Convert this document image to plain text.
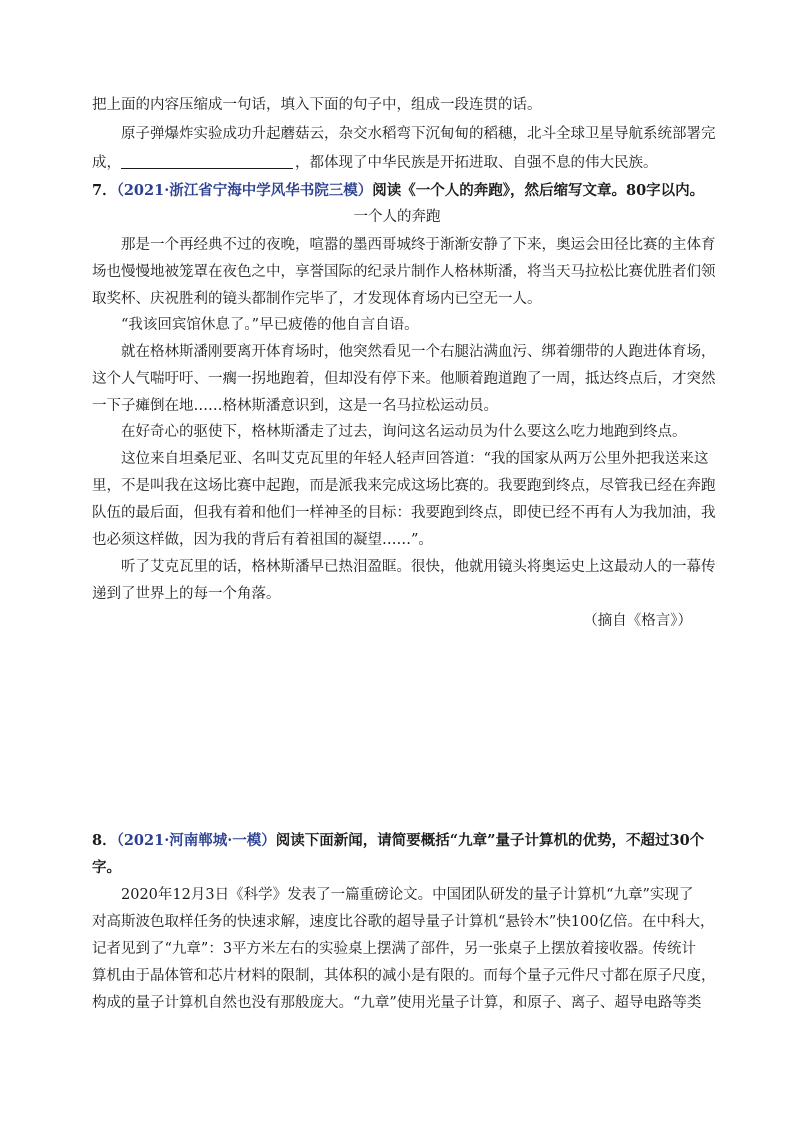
把上面的内容压缩成一句话，填入下面的句子中，组成一段连贯的话。
原子弹爆炸实验成功升起蘑菇云，杂交水稻弯下沉甸甸的稻穗，北斗全球卫星导航系统部署完
成，	，都体现了中华民族是开拓进取、自强不息的伟大民族。
7．（2021·浙江省宁海中学风华书院三模）阅读《一个人的奔跑》，然后缩写文章。80字以内。
一个人的奔跑
那是一个再经典不过的夜晚，喧嚣的墨西哥城终于渐渐安静了下来，奥运会田径比赛的主体育
场也慢慢地被笼罩在夜色之中，享誉国际的纪录片制作人格林斯潘，将当天马拉松比赛优胜者们领
取奖杯、庆祝胜利的镜头都制作完毕了，才发现体育场内已空无一人。
“我该回宾馆休息了。”早已疲倦的他自言自语。
就在格林斯潘刚要离开体育场时，他突然看见一个右腿沾满血污、绑着绷带的人跑进体育场，
这个人气喘吁吁、一瘸一拐地跑着，但却没有停下来。他顺着跑道跑了一周，抵达终点后，才突然
一下子瘫倒在地……格林斯潘意识到，这是一名马拉松运动员。
在好奇心的驱使下，格林斯潘走了过去，询问这名运动员为什么要这么吃力地跑到终点。
这位来自坦桑尼亚、名叫艾克瓦里的年轻人轻声回答道：“我的国家从两万公里外把我送来这
里，不是叫我在这场比赛中起跑，而是派我来完成这场比赛的。我要跑到终点，尽管我已经在奔跑
队伍的最后面，但我有着和他们一样神圣的目标：我要跑到终点，即使已经不再有人为我加油，我
也必须这样做，因为我的背后有着祖国的凝望……”。
听了艾克瓦里的话，格林斯潘早已热泪盈眶。很快，他就用镜头将奥运史上这最动人的一幕传
递到了世界上的每一个角落。
（摘自《格言》）
8．（2021·河南郸城·一模）阅读下面新闻，请简要概括“九章”量子计算机的优势，不超过30个
字。
2020年12月3日《科学》发表了一篇重磅论文。中国团队研发的量子计算机“九章”实现了
对高斯波色取样任务的快速求解，速度比谷歌的超导量子计算机“悬铃木”快100亿倍。在中科大，
记者见到了“九章”：3平方米左右的实验桌上摆满了部件，另一张桌子上摆放着接收器。传统计
算机由于晶体管和芯片材料的限制，其体积的减小是有限的。而每个量子元件尺寸都在原子尺度，
构成的量子计算机自然也没有那般庞大。“九章”使用光量子计算，和原子、离子、超导电路等类
